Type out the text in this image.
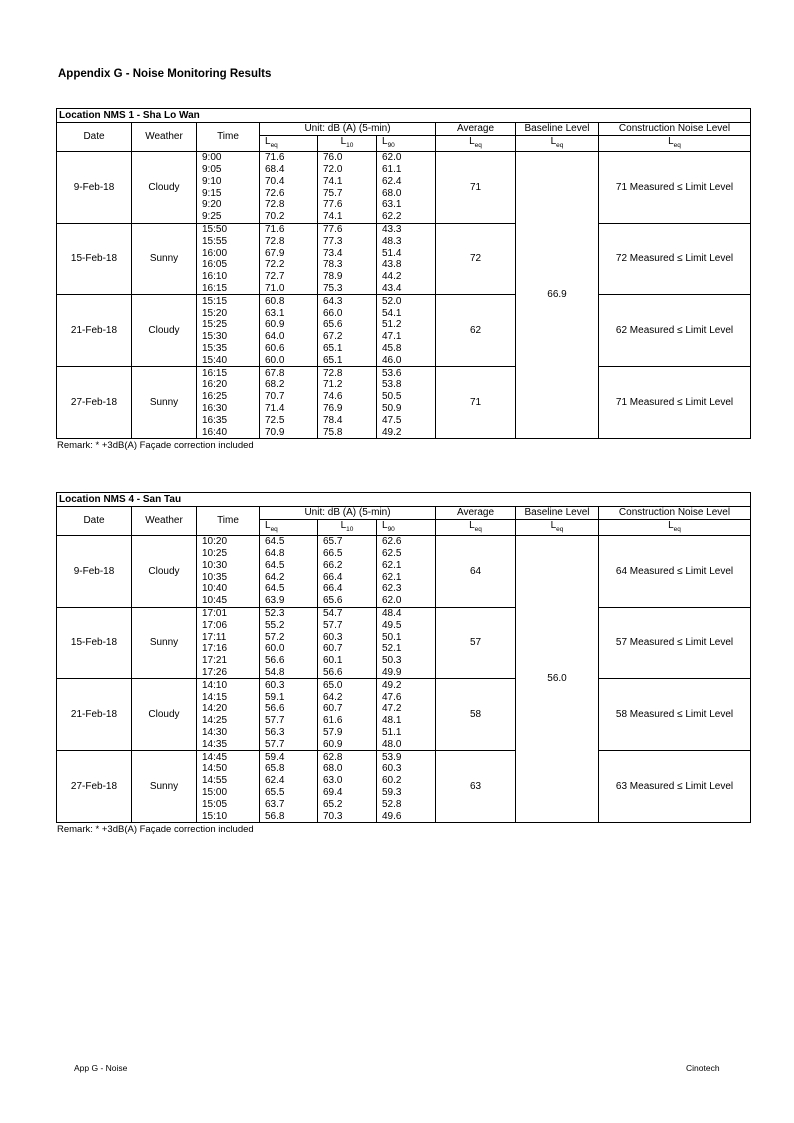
Appendix G - Noise Monitoring Results
Location NMS 1 - Sha Lo Wan								
Date	Weather	Time	Unit: dB (A) (5-min)			Average	Baseline Level	Construction Noise Level
			$L_{eq}$	$L_{10}$	$L_{90}$	$L_{eq}$	$L_{eq}$	$L_{eq}$
9-Feb-18	Cloudy	9:00	71.6	76.0	62.0	71	66.9	71 Measured ≤ Limit Level
		9:05	68.4	72.0	61.1			
		9:10	70.4	74.1	62.4			
		9:15	72.6	75.7	68.0			
		9:20	72.8	77.6	63.1			
		9:25	70.2	74.1	62.2			
15-Feb-18	Sunny	15:50	71.6	77.6	43.3	72		72 Measured ≤ Limit Level
		15:55	72.8	77.3	48.3			
		16:00	67.9	73.4	51.4			
		16:05	72.2	78.3	43.8			
		16:10	72.7	78.9	44.2			
		16:15	71.0	75.3	43.4			
21-Feb-18	Cloudy	15:15	60.8	64.3	52.0	62		62 Measured ≤ Limit Level
		15:20	63.1	66.0	54.1			
		15:25	60.9	65.6	51.2			
		15:30	64.0	67.2	47.1			
		15:35	60.6	65.1	45.8			
		15:40	60.0	65.1	46.0			
27-Feb-18	Sunny	16:15	67.8	72.8	53.6	71		71 Measured ≤ Limit Level
		16:20	68.2	71.2	53.8			
		16:25	70.7	74.6	50.5			
		16:30	71.4	76.9	50.9			
		16:35	72.5	78.4	47.5			
		16:40	70.9	75.8	49.2			
Remark: * +3dB(A) Façade correction included
Location NMS 4 - San Tau								
Date	Weather	Time	Unit: dB (A) (5-min)			Average	Baseline Level	Construction Noise Level
			$L_{eq}$	$L_{10}$	$L_{90}$	$L_{eq}$	$L_{eq}$	$L_{eq}$
9-Feb-18	Cloudy	10:20	64.5	65.7	62.6	64	56.0	64 Measured ≤ Limit Level
		10:25	64.8	66.5	62.5			
		10:30	64.5	66.2	62.1			
		10:35	64.2	66.4	62.1			
		10:40	64.5	66.4	62.3			
		10:45	63.9	65.6	62.0			
15-Feb-18	Sunny	17:01	52.3	54.7	48.4	57		57 Measured ≤ Limit Level
		17:06	55.2	57.7	49.5			
		17:11	57.2	60.3	50.1			
		17:16	60.0	60.7	52.1			
		17:21	56.6	60.1	50.3			
		17:26	54.8	56.6	49.9			
21-Feb-18	Cloudy	14:10	60.3	65.0	49.2	58		58 Measured ≤ Limit Level
		14:15	59.1	64.2	47.6			
		14:20	56.6	60.7	47.2			
		14:25	57.7	61.6	48.1			
		14:30	56.3	57.9	51.1			
		14:35	57.7	60.9	48.0			
27-Feb-18	Sunny	14:45	59.4	62.8	53.9	63		63 Measured ≤ Limit Level
		14:50	65.8	68.0	60.3			
		14:55	62.4	63.0	60.2			
		15:00	65.5	69.4	59.3			
		15:05	63.7	65.2	52.8			
		15:10	56.8	70.3	49.6			
Remark: * +3dB(A) Façade correction included
App G - Noise	Cinotech
